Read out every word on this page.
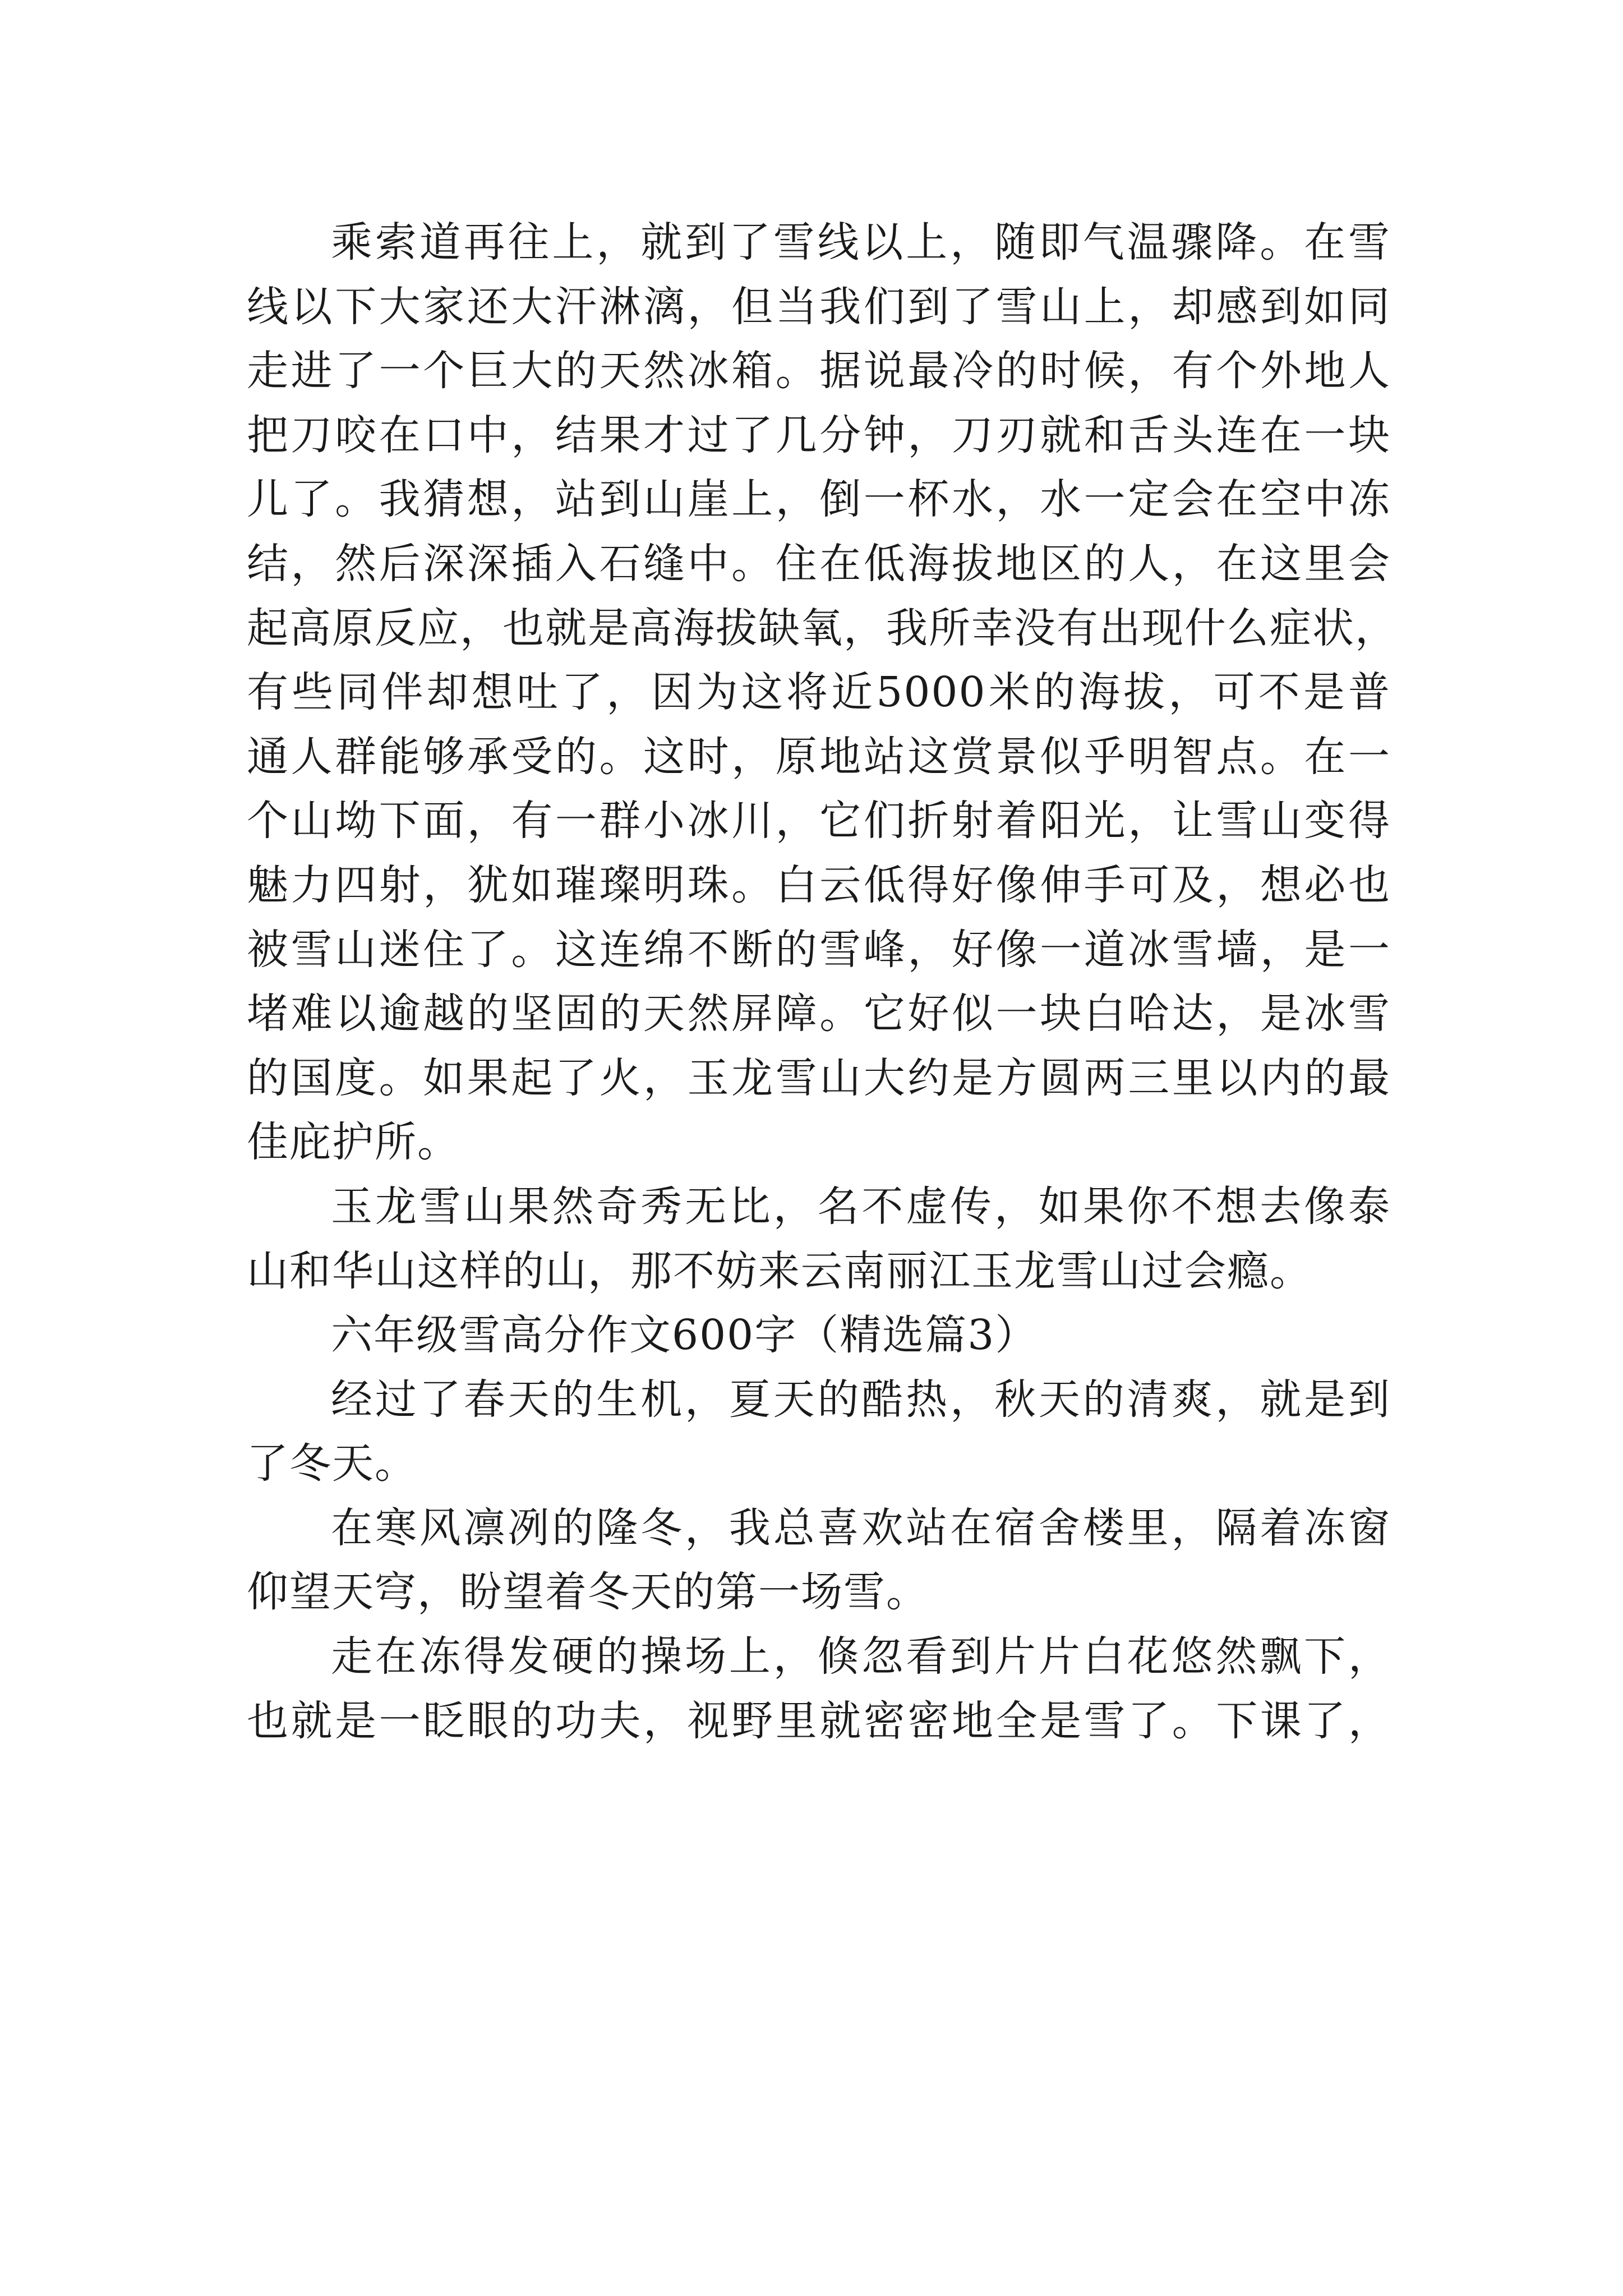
乘索道再往上，就到了雪线以上，随即气温骤降。在雪
线以下大家还大汗淋漓，但当我们到了雪山上，却感到如同
走进了一个巨大的天然冰箱。据说最冷的时候，有个外地人
把刀咬在口中，结果才过了几分钟，刀刃就和舌头连在一块
儿了。我猜想，站到山崖上，倒一杯水，水一定会在空中冻
结，然后深深插入石缝中。住在低海拔地区的人，在这里会
起高原反应，也就是高海拔缺氧，我所幸没有出现什么症状，
有些同伴却想吐了，因为这将近5000米的海拔，可不是普
通人群能够承受的。这时，原地站这赏景似乎明智点。在一
个山坳下面，有一群小冰川，它们折射着阳光，让雪山变得
魅力四射，犹如璀璨明珠。白云低得好像伸手可及，想必也
被雪山迷住了。这连绵不断的雪峰，好像一道冰雪墙，是一
堵难以逾越的坚固的天然屏障。它好似一块白哈达，是冰雪
的国度。如果起了火，玉龙雪山大约是方圆两三里以内的最
佳庇护所。
玉龙雪山果然奇秀无比，名不虚传，如果你不想去像泰
山和华山这样的山，那不妨来云南丽江玉龙雪山过会瘾。
六年级雪高分作文600字（精选篇3）
经过了春天的生机，夏天的酷热，秋天的清爽，就是到
了冬天。
在寒风凛冽的隆冬，我总喜欢站在宿舍楼里，隔着冻窗
仰望天穹，盼望着冬天的第一场雪。
走在冻得发硬的操场上，倏忽看到片片白花悠然飘下，
也就是一眨眼的功夫，视野里就密密地全是雪了。下课了，
